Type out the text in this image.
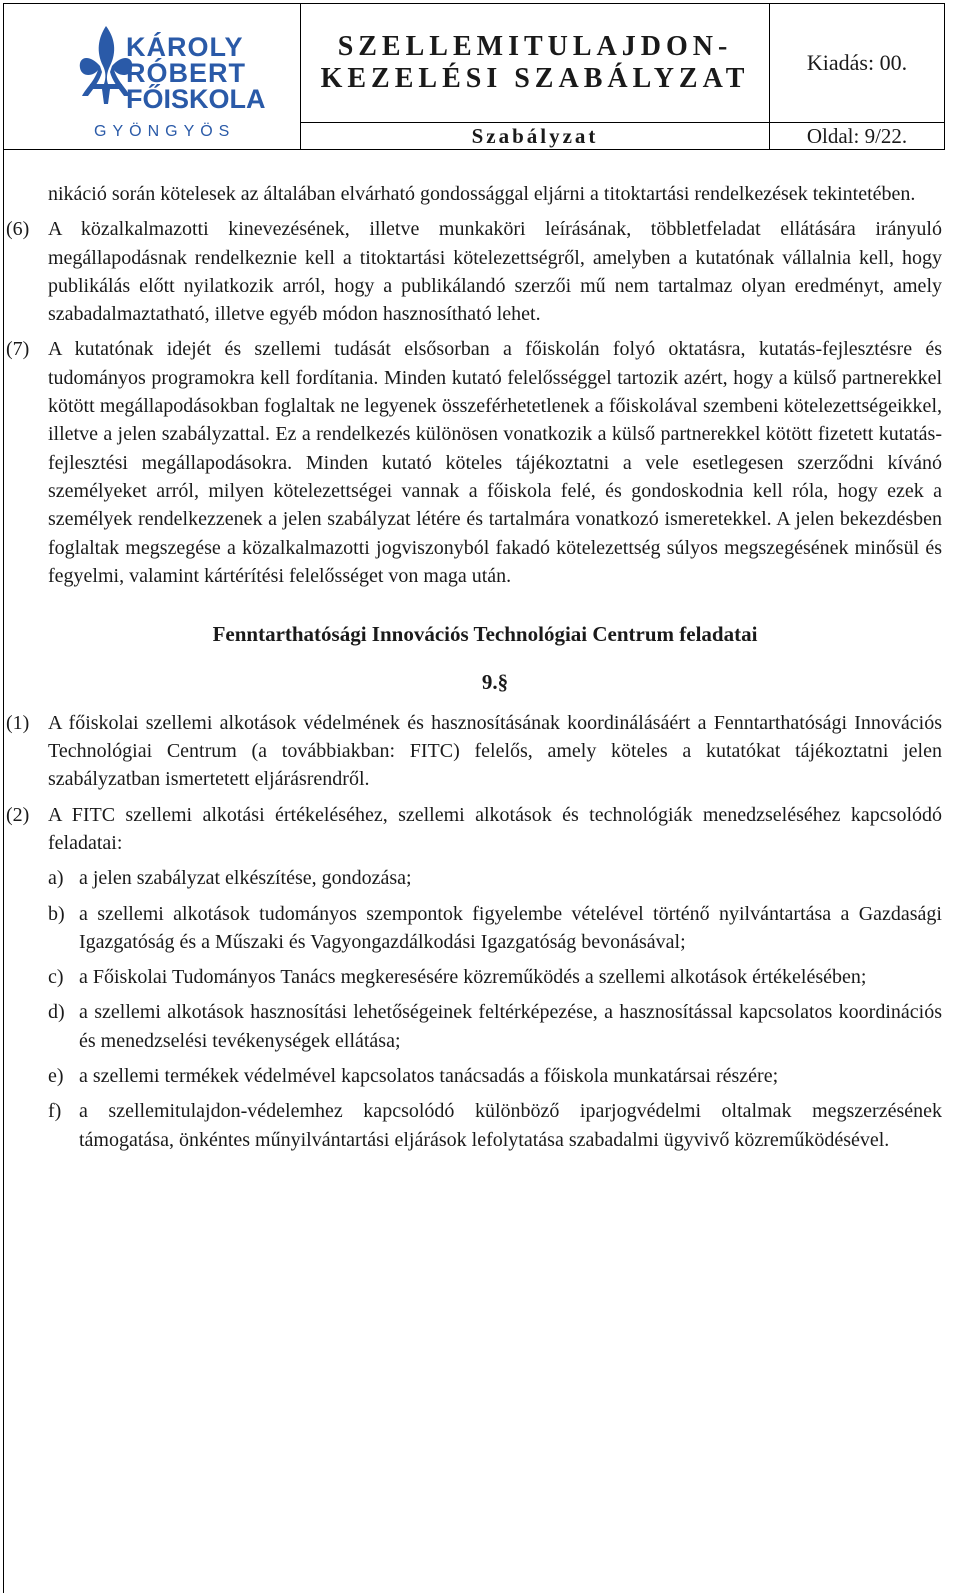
KÁROLY
RÓBERT
FŐISKOLA
GYÖNGYÖS
SZELLEMITULAJDON-
KEZELÉSI SZABÁLYZAT
Kiadás: 00.
Szabályzat	Oldal: 9/22.
nikáció során kötelesek az általában elvárható gondossággal eljárni a titoktartási rendelkezések tekintetében.
(6) A közalkalmazotti kinevezésének, illetve munkaköri leírásának, többletfeladat ellátására irányuló megállapodásnak rendelkeznie kell a titoktartási kötelezettségről, amelyben a kutatónak vállalnia kell, hogy publikálás előtt nyilatkozik arról, hogy a publikálandó szerzői mű nem tartalmaz olyan eredményt, amely szabadalmaztatható, illetve egyéb módon hasznosítható lehet.
(7) A kutatónak idejét és szellemi tudását elsősorban a főiskolán folyó oktatásra, kutatás-fejlesztésre és tudományos programokra kell fordítania. Minden kutató felelősséggel tartozik azért, hogy a külső partnerekkel kötött megállapodásokban foglaltak ne legyenek összeférhetetlenek a főiskolával szembeni kötelezettségeikkel, illetve a jelen szabályzattal. Ez a rendelkezés különösen vonatkozik a külső partnerekkel kötött fizetett kutatás-fejlesztési megállapodásokra. Minden kutató köteles tájékoztatni a vele esetlegesen szerződni kívánó személyeket arról, milyen kötelezettségei vannak a főiskola felé, és gondoskodnia kell róla, hogy ezek a személyek rendelkezzenek a jelen szabályzat létére és tartalmára vonatkozó ismeretekkel. A jelen bekezdésben foglaltak megszegése a közalkalmazotti jogviszonyból fakadó kötelezettség súlyos megszegésének minősül és fegyelmi, valamint kártérítési felelősséget von maga után.
Fenntarthatósági Innovációs Technológiai Centrum feladatai
9.§
(1) A főiskolai szellemi alkotások védelmének és hasznosításának koordinálásáért a Fenntarthatósági Innovációs Technológiai Centrum (a továbbiakban: FITC) felelős, amely köteles a kutatókat tájékoztatni jelen szabályzatban ismertetett eljárásrendről.
(2) A FITC szellemi alkotási értékeléséhez, szellemi alkotások és technológiák menedzseléséhez kapcsolódó feladatai:
a) a jelen szabályzat elkészítése, gondozása;
b) a szellemi alkotások tudományos szempontok figyelembe vételével történő nyilvántartása a Gazdasági Igazgatóság és a Műszaki és Vagyongazdálkodási Igazgatóság bevonásával;
c) a Főiskolai Tudományos Tanács megkeresésére közreműködés a szellemi alkotások értékelésében;
d) a szellemi alkotások hasznosítási lehetőségeinek feltérképezése, a hasznosítással kapcsolatos koordinációs és menedzselési tevékenységek ellátása;
e) a szellemi termékek védelmével kapcsolatos tanácsadás a főiskola munkatársai részére;
f) a szellemitulajdon-védelemhez kapcsolódó különböző iparjogvédelmi oltalmak megszerzésének támogatása, önkéntes műnyilvántartási eljárások lefolytatása szabadalmi ügyvivő közreműködésével.
